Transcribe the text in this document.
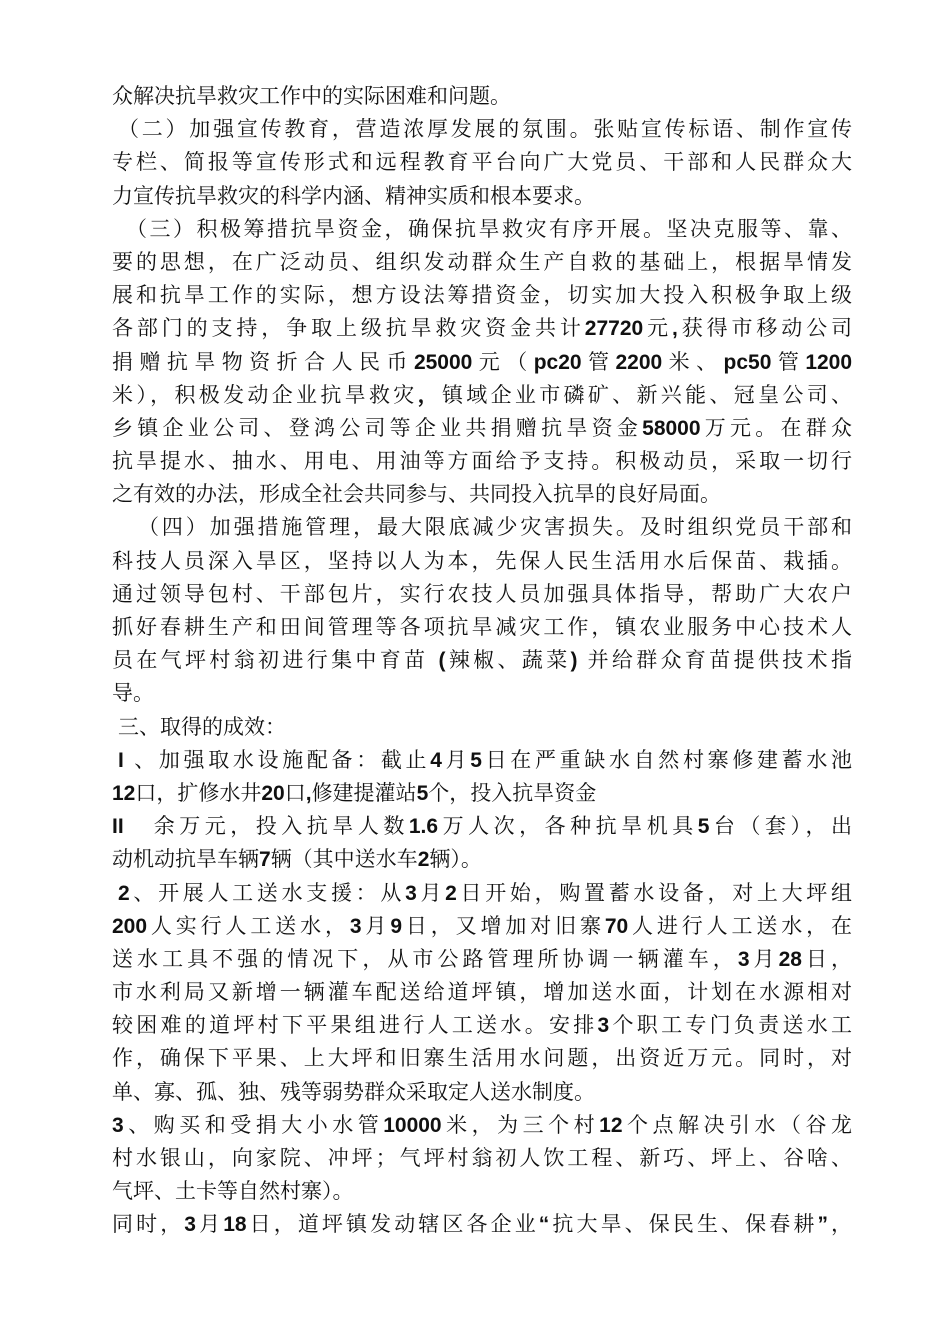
众解决抗旱救灾工作中的实际困难和问题。
（二）加强宣传教育，营造浓厚发展的氛围。张贴宣传标语、制作宣传
专栏、简报等宣传形式和远程教育平台向广大党员、干部和人民群众大
力宣传抗旱救灾的科学内涵、精神实质和根本要求。
（三）积极筹措抗旱资金，确保抗旱救灾有序开展。坚决克服等、靠、
要的思想，在广泛动员、组织发动群众生产自救的基础上，根据旱情发
展和抗旱工作的实际，想方设法筹措资金，切实加大投入积极争取上级
各部门的支持，争取上级抗旱救灾资金共计27720元,获得市移动公司
捐赠抗旱物资折合人民币25000元（pc20管2200米、pc50管1200
米），积极发动企业抗旱救灾，镇域企业市磷矿、新兴能、冠皇公司、
乡镇企业公司、登鸿公司等企业共捐赠抗旱资金58000万元。在群众
抗旱提水、抽水、用电、用油等方面给予支持。积极动员，采取一切行
之有效的办法，形成全社会共同参与、共同投入抗旱的良好局面。
（四）加强措施管理，最大限底减少灾害损失。及时组织党员干部和
科技人员深入旱区，坚持以人为本，先保人民生活用水后保苗、栽插。
通过领导包村、干部包片，实行农技人员加强具体指导，帮助广大农户
抓好春耕生产和田间管理等各项抗旱减灾工作，镇农业服务中心技术人
员在气坪村翁初进行集中育苗 (辣椒、蔬菜) 并给群众育苗提供技术指
导。
三、取得的成效：
I 、加强取水设施配备：截止4月5日在严重缺水自然村寨修建蓄水池
12口，扩修水井20口,修建提灌站5个，投入抗旱资金
II　余万元，投入抗旱人数1.6万人次，各种抗旱机具5台（套），出
动机动抗旱车辆7辆（其中送水车2辆）。
2、开展人工送水支援：从3月2日开始，购置蓄水设备，对上大坪组
200人实行人工送水，3月9日，又增加对旧寨70人进行人工送水，在
送水工具不强的情况下，从市公路管理所协调一辆灌车，3月28日，
市水利局又新增一辆灌车配送给道坪镇，增加送水面，计划在水源相对
较困难的道坪村下平果组进行人工送水。安排3个职工专门负责送水工
作，确保下平果、上大坪和旧寨生活用水问题，出资近万元。同时，对
单、寡、孤、独、残等弱势群众采取定人送水制度。
3、购买和受捐大小水管10000米，为三个村12个点解决引水（谷龙
村水银山，向家院、冲坪；气坪村翁初人饮工程、新巧、坪上、谷啥、
气坪、土卡等自然村寨）。
同时，3月18日，道坪镇发动辖区各企业“抗大旱、保民生、保春耕”，
